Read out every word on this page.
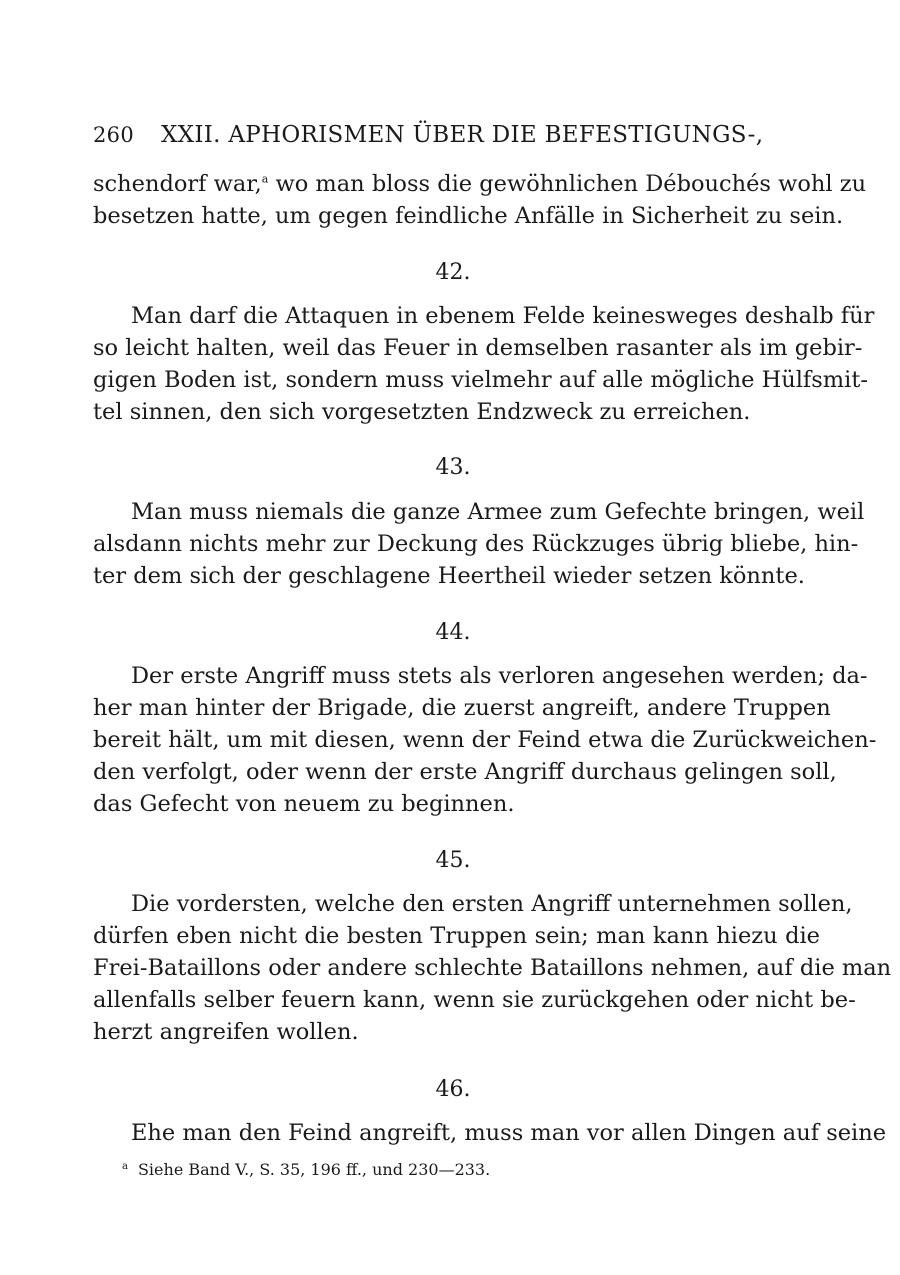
260 XXII. APHORISMEN ÜBER DIE BEFESTIGUNGS-,
schendorf war,$^a$ wo man bloss die gewöhnlichen Débouchés wohl zu
besetzen hatte, um gegen feindliche Anfälle in Sicherheit zu sein.
42.
Man darf die Attaquen in ebenem Felde keinesweges deshalb für
so leicht halten, weil das Feuer in demselben rasanter als im gebir-
gigen Boden ist, sondern muss vielmehr auf alle mögliche Hülfsmit-
tel sinnen, den sich vorgesetzten Endzweck zu erreichen.
43.
Man muss niemals die ganze Armee zum Gefechte bringen, weil
alsdann nichts mehr zur Deckung des Rückzuges übrig bliebe, hin-
ter dem sich der geschlagene Heertheil wieder setzen könnte.
44.
Der erste Angriff muss stets als verloren angesehen werden; da-
her man hinter der Brigade, die zuerst angreift, andere Truppen
bereit hält, um mit diesen, wenn der Feind etwa die Zurückweichen-
den verfolgt, oder wenn der erste Angriff durchaus gelingen soll,
das Gefecht von neuem zu beginnen.
45.
Die vordersten, welche den ersten Angriff unternehmen sollen,
dürfen eben nicht die besten Truppen sein; man kann hiezu die
Frei-Bataillons oder andere schlechte Bataillons nehmen, auf die man
allenfalls selber feuern kann, wenn sie zurückgehen oder nicht be-
herzt angreifen wollen.
46.
Ehe man den Feind angreift, muss man vor allen Dingen auf seine
$^a$ Siehe Band V., S. 35, 196 ff., und 230—233.
